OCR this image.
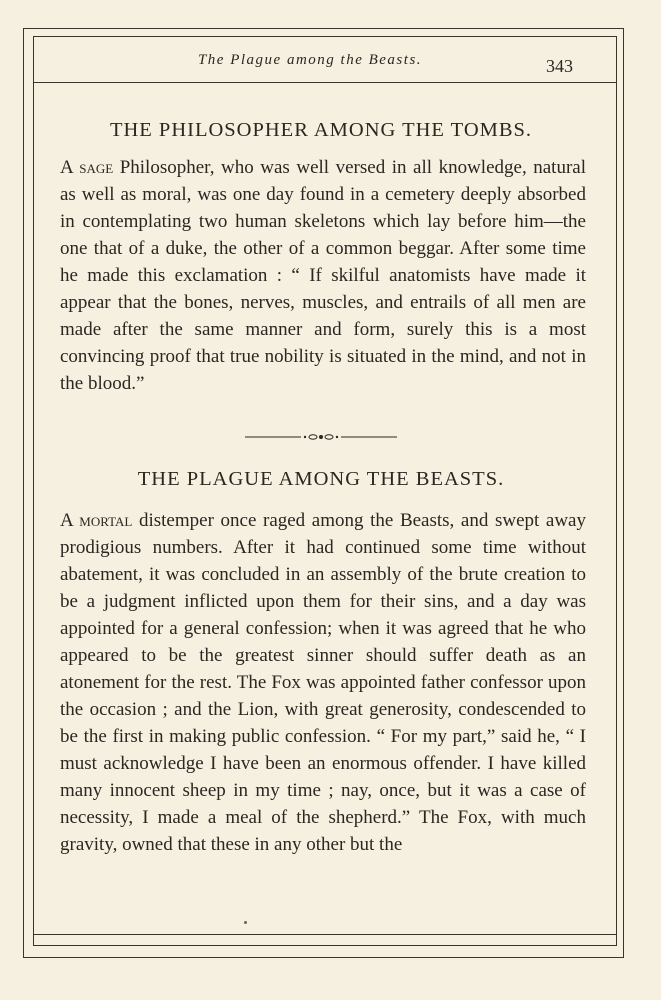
The Plague among the Beasts.	343
THE PHILOSOPHER AMONG THE TOMBS.

A sage Philosopher, who was well versed in all knowledge, natural as well as moral, was one day found in a cemetery deeply absorbed in contemplating two human skeletons which lay before him—the one that of a duke, the other of a common beggar. After some time he made this exclamation : “ If skilful anatomists have made it appear that the bones, nerves, muscles, and entrails of all men are made after the same manner and form, surely this is a most convincing proof that true nobility is situated in the mind, and not in the blood.”

THE PLAGUE AMONG THE BEASTS.

A mortal distemper once raged among the Beasts, and swept away prodigious numbers. After it had continued some time without abatement, it was concluded in an assembly of the brute creation to be a judgment inflicted upon them for their sins, and a day was appointed for a general confession; when it was agreed that he who appeared to be the greatest sinner should suffer death as an atonement for the rest. The Fox was appointed father confessor upon the occasion ; and the Lion, with great generosity, condescended to be the first in making public confession. “ For my part,” said he, “ I must acknowledge I have been an enormous offender. I have killed many innocent sheep in my time ; nay, once, but it was a case of necessity, I made a meal of the shepherd.” The Fox, with much gravity, owned that these in any other but the
